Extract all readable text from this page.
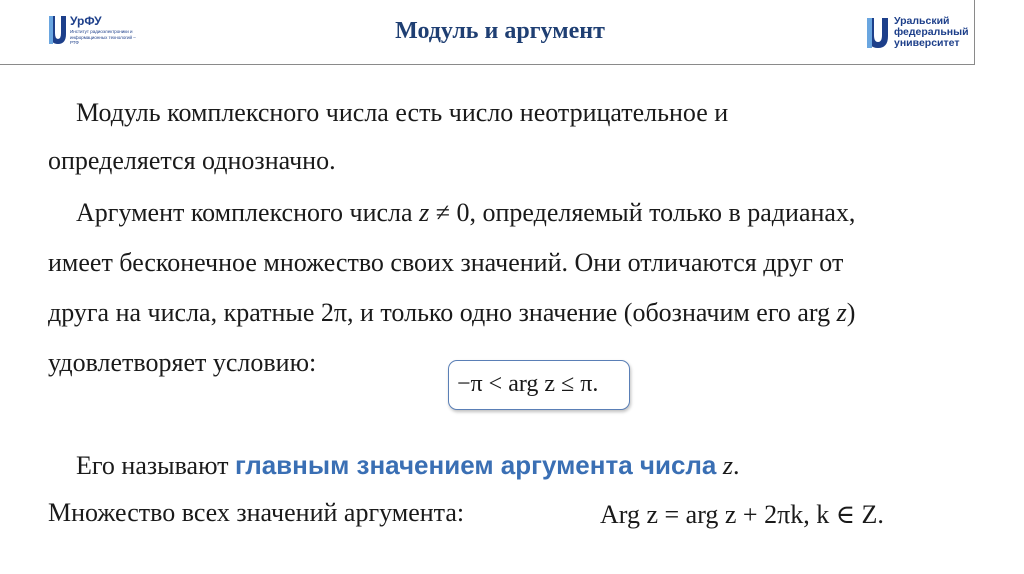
УрФУ
Институт радиоэлектроники и информационных технологий – РТФ	Модуль и аргумент	Уральский
федеральный
университет
Модуль комплексного числа есть число неотрицательное и
определяется однозначно.
Аргумент комплексного числа z ≠ 0, определяемый только в радианах,
имеет бесконечное множество своих значений. Они отличаются друг от
друга на числа, кратные 2π, и только одно значение (обозначим его arg z)
удовлетворяет условию:
−π < arg z ≤ π.
Его называют главным значением аргумента числа z.
Множество всех значений аргумента:	Arg z = arg z + 2πk, k ∈ Z.
